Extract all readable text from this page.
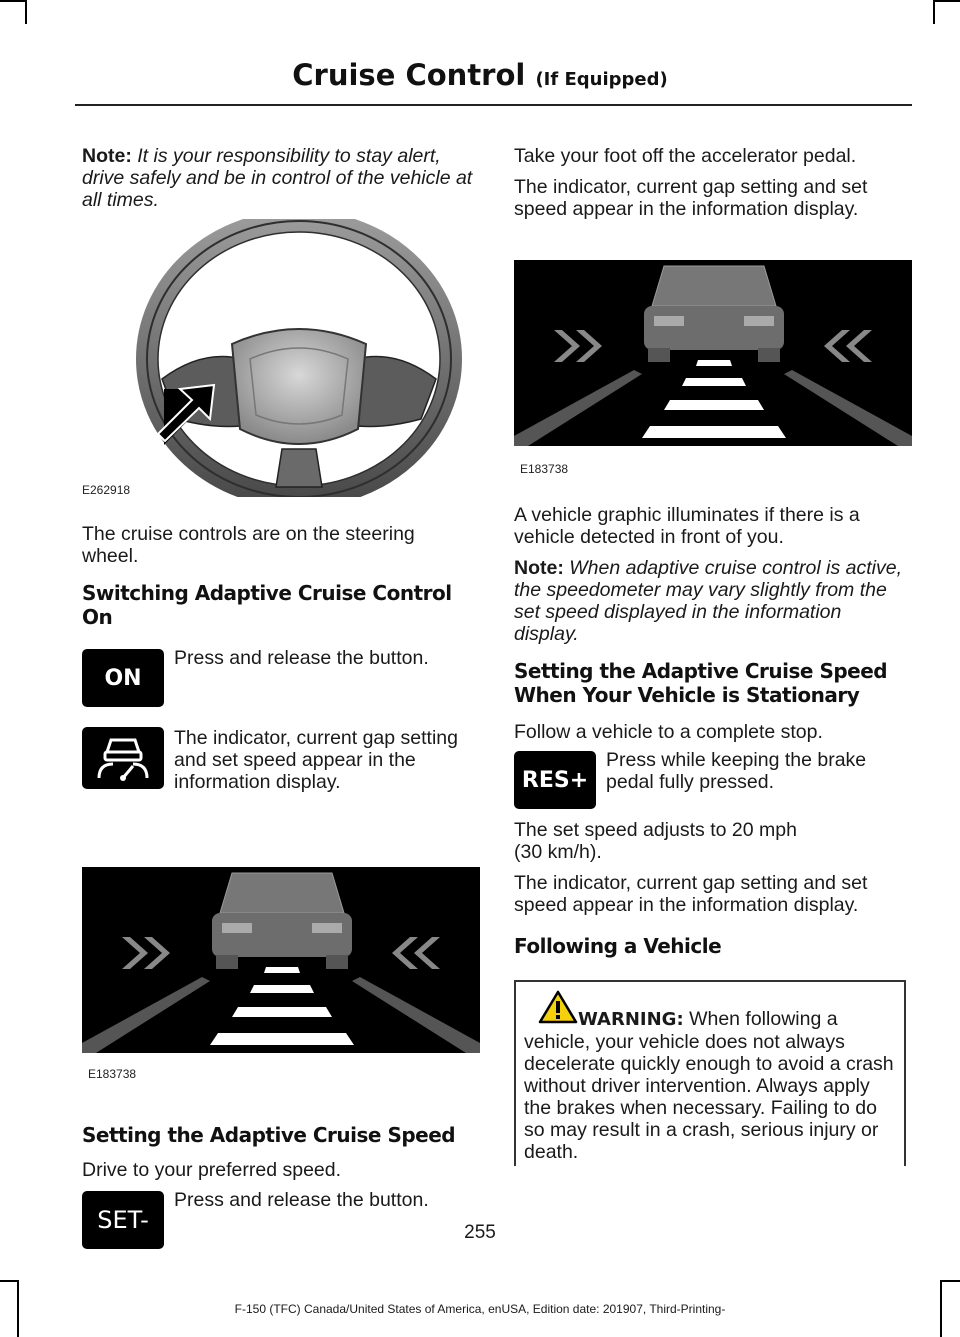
Cruise Control (If Equipped)

Note: It is your responsibility to stay alert, drive safely and be in control of the vehicle at all times.

E262918

The cruise controls are on the steering wheel.

Switching Adaptive Cruise Control On
ON

Press and release the button.

The indicator, current gap setting and set speed appear in the information display.

E183738
Setting the Adaptive Cruise Speed

Drive to your preferred speed.

SET-

Press and release the button.

Take your foot off the accelerator pedal.

The indicator, current gap setting and set speed appear in the information display.

E183738

A vehicle graphic illuminates if there is a vehicle detected in front of you.

Note: When adaptive cruise control is active, the speedometer may vary slightly from the set speed displayed in the information display.

Setting the Adaptive Cruise Speed When Your Vehicle is Stationary

Follow a vehicle to a complete stop.

RES+

Press while keeping the brake pedal fully pressed.

The set speed adjusts to 20 mph (30 km/h).

The indicator, current gap setting and set speed appear in the information display.

Following a Vehicle

WARNING: When following a vehicle, your vehicle does not always decelerate quickly enough to avoid a crash without driver intervention. Always apply the brakes when necessary. Failing to do so may result in a crash, serious injury or death.

255
F-150 (TFC) Canada/United States of America, enUSA, Edition date: 201907, Third-Printing-
